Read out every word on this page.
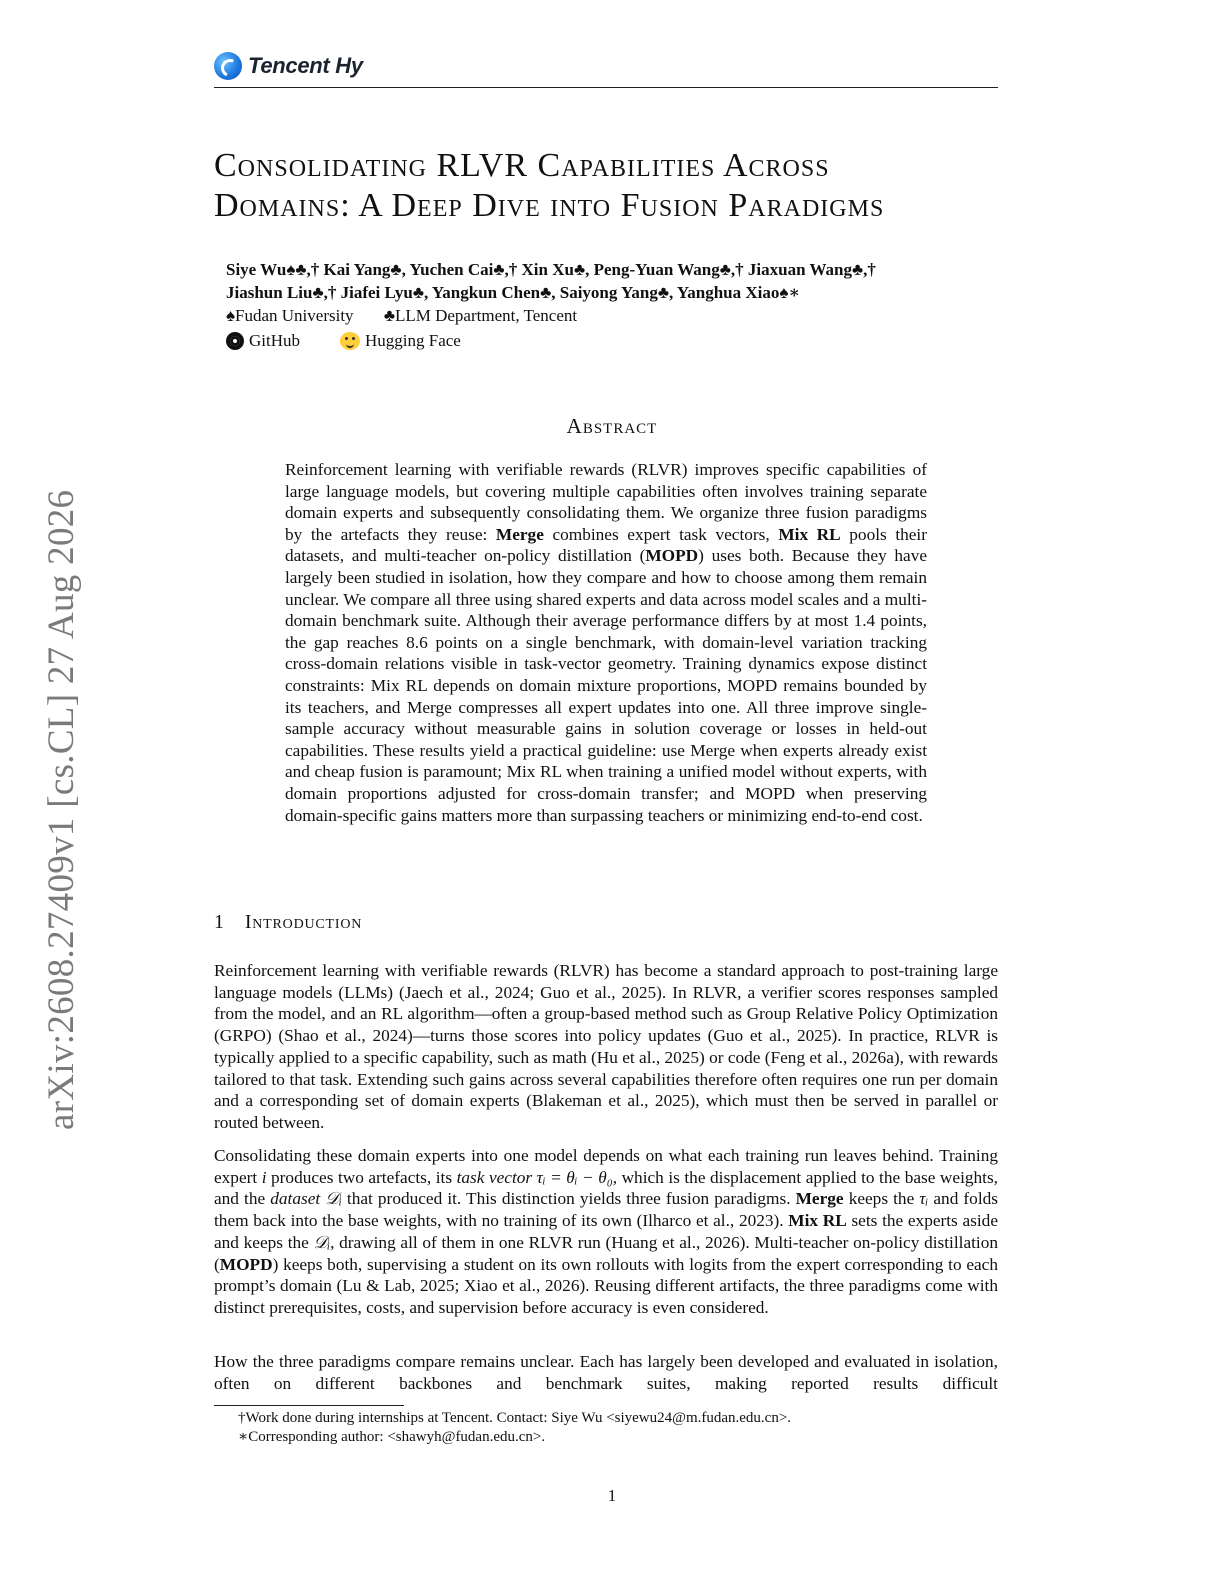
Tencent Hy
arXiv:2608.27409v1 [cs.CL] 27 Aug 2026
Consolidating RLVR Capabilities Across
Domains: A Deep Dive into Fusion Paradigms
Siye Wu♠♣,† Kai Yang♣, Yuchen Cai♣,† Xin Xu♣, Peng-Yuan Wang♣,† Jiaxuan Wang♣,†
Jiashun Liu♣,† Jiafei Lyu♣, Yangkun Chen♣, Saiyong Yang♣, Yanghua Xiao♠∗
♠Fudan University ♣LLM Department, Tencent
GitHub	Hugging Face
Abstract
Reinforcement learning with verifiable rewards (RLVR) improves specific capabilities of large language models, but covering multiple capabilities often involves training separate domain experts and subsequently consolidating them. We organize three fusion paradigms by the artefacts they reuse: Merge combines expert task vectors, Mix RL pools their datasets, and multi-teacher on-policy distillation (MOPD) uses both. Because they have largely been studied in isolation, how they compare and how to choose among them remain unclear. We compare all three using shared experts and data across model scales and a multi-domain benchmark suite. Although their average performance differs by at most 1.4 points, the gap reaches 8.6 points on a single benchmark, with domain-level variation tracking cross-domain relations visible in task-vector geometry. Training dynamics expose distinct constraints: Mix RL depends on domain mixture proportions, MOPD remains bounded by its teachers, and Merge compresses all expert updates into one. All three improve single-sample accuracy without measurable gains in solution coverage or losses in held-out capabilities. These results yield a practical guideline: use Merge when experts already exist and cheap fusion is paramount; Mix RL when training a unified model without experts, with domain proportions adjusted for cross-domain transfer; and MOPD when preserving domain-specific gains matters more than surpassing teachers or minimizing end-to-end cost.
1 Introduction
Reinforcement learning with verifiable rewards (RLVR) has become a standard approach to post-training large language models (LLMs) (Jaech et al., 2024; Guo et al., 2025). In RLVR, a verifier scores responses sampled from the model, and an RL algorithm—often a group-based method such as Group Relative Policy Optimization (GRPO) (Shao et al., 2024)—turns those scores into policy updates (Guo et al., 2025). In practice, RLVR is typically applied to a specific capability, such as math (Hu et al., 2025) or code (Feng et al., 2026a), with rewards tailored to that task. Extending such gains across several capabilities therefore often requires one run per domain and a corresponding set of domain experts (Blakeman et al., 2025), which must then be served in parallel or routed between.
Consolidating these domain experts into one model depends on what each training run leaves behind. Training expert i produces two artefacts, its task vector τᵢ = θᵢ − θ₀, which is the displacement applied to the base weights, and the dataset 𝒟ᵢ that produced it. This distinction yields three fusion paradigms. Merge keeps the τᵢ and folds them back into the base weights, with no training of its own (Ilharco et al., 2023). Mix RL sets the experts aside and keeps the 𝒟ᵢ, drawing all of them in one RLVR run (Huang et al., 2026). Multi-teacher on-policy distillation (MOPD) keeps both, supervising a student on its own rollouts with logits from the expert corresponding to each prompt’s domain (Lu & Lab, 2025; Xiao et al., 2026). Reusing different artifacts, the three paradigms come with distinct prerequisites, costs, and supervision before accuracy is even considered.
How the three paradigms compare remains unclear. Each has largely been developed and evaluated in isolation, often on different backbones and benchmark suites, making reported results difficult
†Work done during internships at Tencent. Contact: Siye Wu <siyewu24@m.fudan.edu.cn>.
∗Corresponding author: <shawyh@fudan.edu.cn>.
1
